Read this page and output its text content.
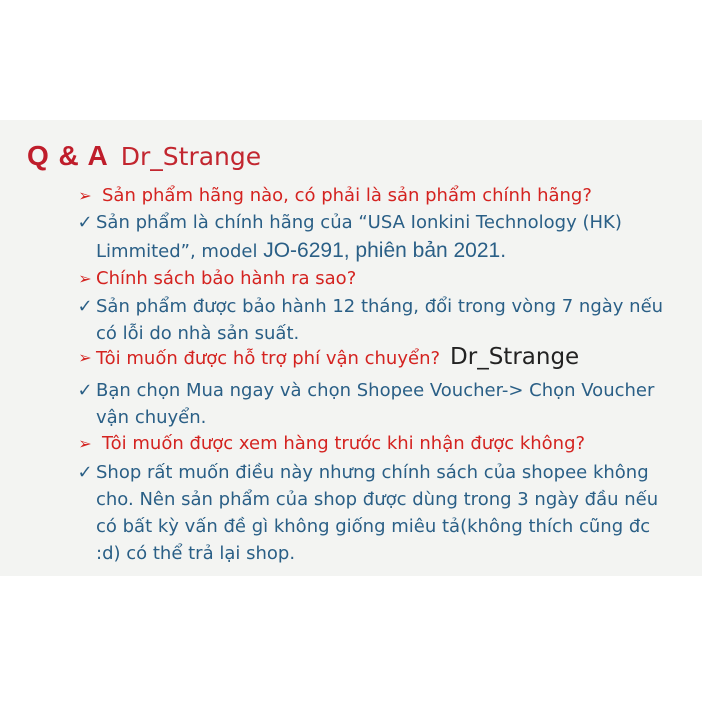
Q & A Dr_Strange
➢ Sản phẩm hãng nào, có phải là sản phẩm chính hãng?
✓ Sản phẩm là chính hãng của “USA Ionkini Technology (HK)
Limmited”, model JO-6291, phiên bản 2021.
➢ Chính sách bảo hành ra sao?
✓ Sản phẩm được bảo hành 12 tháng, đổi trong vòng 7 ngày nếu
có lỗi do nhà sản suất.
➢ Tôi muốn được hỗ trợ phí vận chuyển? Dr_Strange
✓ Bạn chọn Mua ngay và chọn Shopee Voucher-> Chọn Voucher
vận chuyển.
➢ Tôi muốn được xem hàng trước khi nhận được không?
✓ Shop rất muốn điều này nhưng chính sách của shopee không
cho. Nên sản phẩm của shop được dùng trong 3 ngày đầu nếu
có bất kỳ vấn đề gì không giống miêu tả(không thích cũng đc
:d) có thể trả lại shop.
